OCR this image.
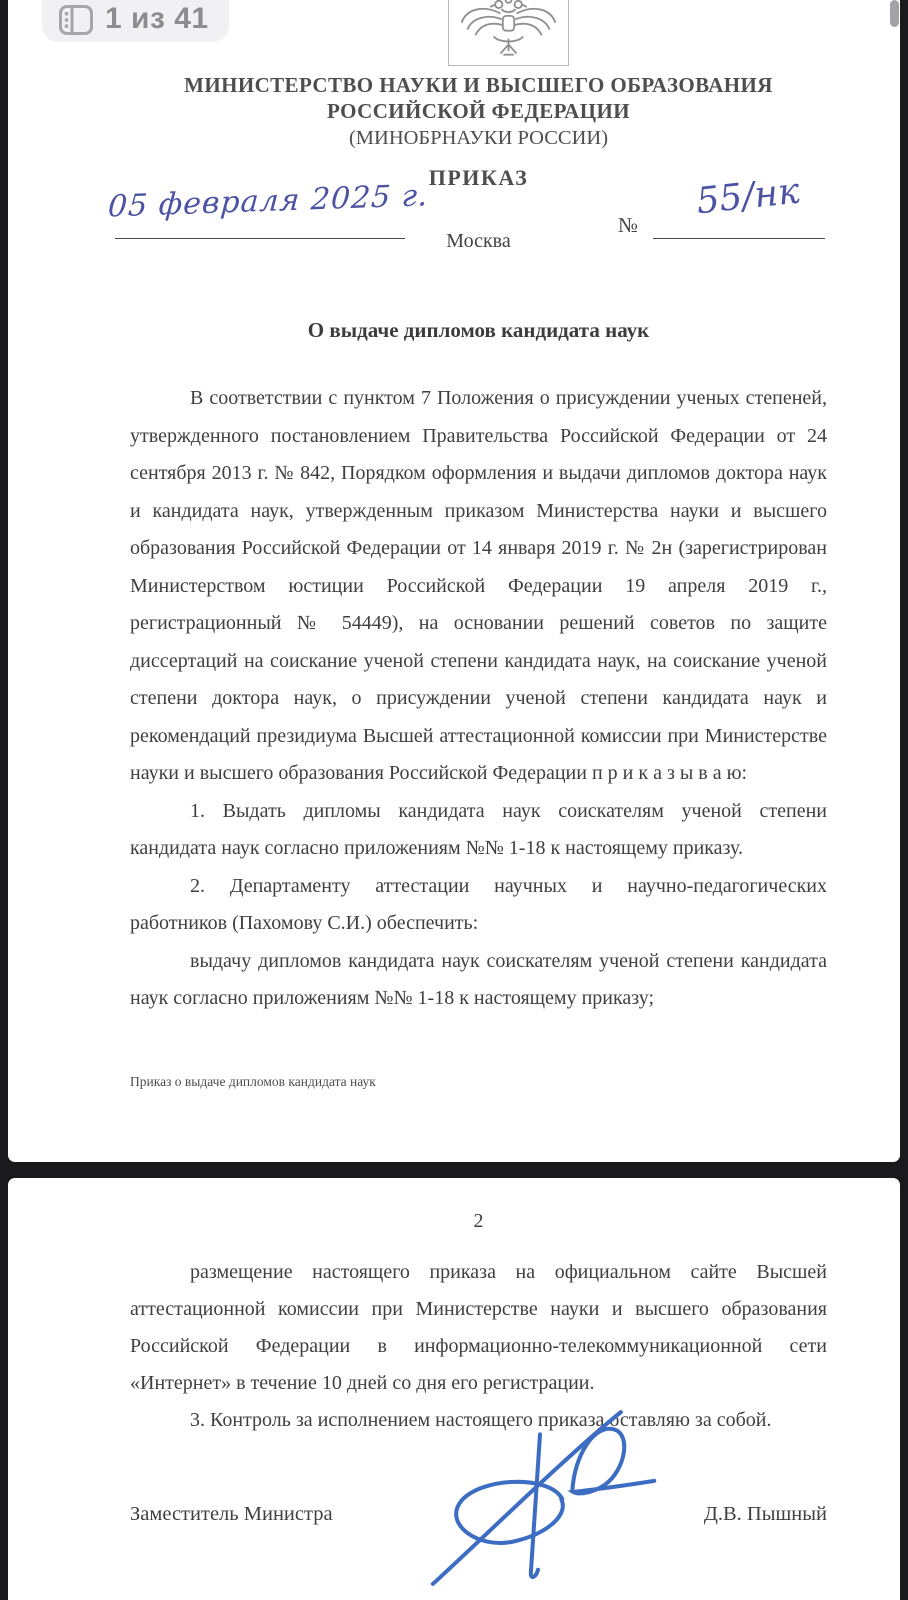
МИНИСТЕРСТВО НАУКИ И ВЫСШЕГО ОБРАЗОВАНИЯ
РОССИЙСКОЙ ФЕДЕРАЦИИ
(МИНОБРНАУКИ РОССИИ)
ПРИКАЗ
05 февраля 2025 г.
Москва
№
55/нк
О выдаче дипломов кандидата наук

В соответствии с пунктом 7 Положения о присуждении ученых степеней, утвержденного постановлением Правительства Российской Федерации от 24 сентября 2013 г. № 842, Порядком оформления и выдачи дипломов доктора наук и кандидата наук, утвержденным приказом Министерства науки и высшего образования Российской Федерации от 14 января 2019 г. № 2н (зарегистрирован Министерством юстиции Российской Федерации 19 апреля 2019 г., регистрационный № 54449), на основании решений советов по защите диссертаций на соискание ученой степени кандидата наук, на соискание ученой степени доктора наук, о присуждении ученой степени кандидата наук и рекомендаций президиума Высшей аттестационной комиссии при Министерстве науки и высшего образования Российской Федерации п р и к а з ы в а ю:

1. Выдать дипломы кандидата наук соискателям ученой степени кандидата наук согласно приложениям №№ 1-18 к настоящему приказу.

2. Департаменту аттестации научных и научно-педагогических работников (Пахомову С.И.) обеспечить:

выдачу дипломов кандидата наук соискателям ученой степени кандидата наук согласно приложениям №№ 1-18 к настоящему приказу;

Приказ о выдаче дипломов кандидата наук
2

размещение настоящего приказа на официальном сайте Высшей аттестационной комиссии при Министерстве науки и высшего образования Российской Федерации в информационно-телекоммуникационной сети «Интернет» в течение 10 дней со дня его регистрации.

3. Контроль за исполнением настоящего приказа оставляю за собой.

Заместитель Министра	Д.В. Пышный
1 из 41
